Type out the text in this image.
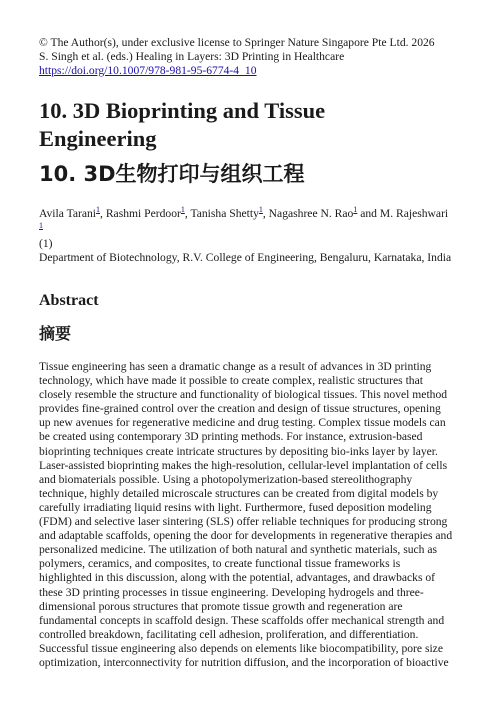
© The Author(s), under exclusive license to Springer Nature Singapore Pte Ltd. 2026
S. Singh et al. (eds.) Healing in Layers: 3D Printing in Healthcare
https://doi.org/10.1007/978-981-95-6774-4_10
10. 3D Bioprinting and Tissue
Engineering
10. 3D生物打印与组织工程
Avila Tarani$^1$, Rashmi Perdoor$^1$, Tanisha Shetty$^1$, Nagashree N. Rao$^1$ and M. Rajeshwari
1
(1)
Department of Biotechnology, R.V. College of Engineering, Bengaluru, Karnataka, India
Abstract
摘要
Tissue engineering has seen a dramatic change as a result of advances in 3D printing
technology, which have made it possible to create complex, realistic structures that
closely resemble the structure and functionality of biological tissues. This novel method
provides fine-grained control over the creation and design of tissue structures, opening
up new avenues for regenerative medicine and drug testing. Complex tissue models can
be created using contemporary 3D printing methods. For instance, extrusion-based
bioprinting techniques create intricate structures by depositing bio-inks layer by layer.
Laser-assisted bioprinting makes the high-resolution, cellular-level implantation of cells
and biomaterials possible. Using a photopolymerization-based stereolithography
technique, highly detailed microscale structures can be created from digital models by
carefully irradiating liquid resins with light. Furthermore, fused deposition modeling
(FDM) and selective laser sintering (SLS) offer reliable techniques for producing strong
and adaptable scaffolds, opening the door for developments in regenerative therapies and
personalized medicine. The utilization of both natural and synthetic materials, such as
polymers, ceramics, and composites, to create functional tissue frameworks is
highlighted in this discussion, along with the potential, advantages, and drawbacks of
these 3D printing processes in tissue engineering. Developing hydrogels and three-
dimensional porous structures that promote tissue growth and regeneration are
fundamental concepts in scaffold design. These scaffolds offer mechanical strength and
controlled breakdown, facilitating cell adhesion, proliferation, and differentiation.
Successful tissue engineering also depends on elements like biocompatibility, pore size
optimization, interconnectivity for nutrition diffusion, and the incorporation of bioactive
